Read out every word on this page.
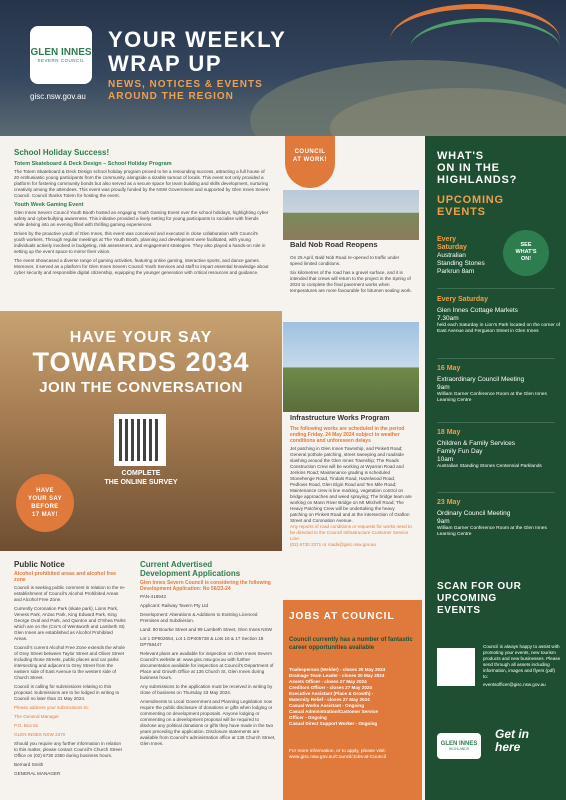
GLEN INNES
SEVERN COUNCIL
gisc.nsw.gov.au
YOUR WEEKLY
WRAP UP
NEWS, NOTICES & EVENTS
AROUND THE REGION
School Holiday Success!
Totem Skateboard & Deck Design – School Holiday Program

The Totem Skateboard & Deck Design school holiday program proved to be a resounding success, attracting a full house of 20 enthusiastic young participants from the community, alongside a sizable turnout of locals. This event not only provided a platform for fostering community bonds but also served as a secure space for team building and skills development, nurturing creativity among the attendees. This event was proudly funded by the NSW Government and supported by Glen Innes Severn Council. Council thanks Totem for hosting the event.

Youth Week Gaming Event

Glen Innes Severn Council Youth Booth hosted an engaging Youth Gaming Event over the school holidays, highlighting cyber safety and cyberbullying awareness. This initiative provided a lively setting for young participants to socialise with friends while delving into an evening filled with thrilling gaming experiences.

Driven by the proactive youth of Glen Innes, this event was conceived and executed in close collaboration with Council's youth workers. Through regular meetings at The Youth Booth, planning and development were facilitated, with young individuals actively involved in budgeting, risk assessment, and engagement strategies. They also played a hands-on role in setting up the event space to mirror their vision.

The event showcased a diverse range of gaming activities, featuring online gaming, interactive sports, and dance games. Moreover, it served as a platform for Glen Innes Severn Council Youth Services and staff to impart essential knowledge about cyber security and responsible digital citizenship, equipping the younger generation with critical resources and guidance.

COUNCIL
AT WORK!
Bald Nob Road Reopens

On 25 April, Bald Nob Road re-opened to traffic under speed limited conditions.

Six kilometres of the road has a gravel surface, and it is intended that crews will return to the project in the Spring of 2024 to complete the final pavement works when temperatures are more favourable for bitumen sealing work.

Infrastructure Works Program
The following works are scheduled in the period ending Friday, 24 May 2024 subject to weather conditions and unforeseen delays

Jet patching in Glen Innes Township, and Pinkett Road; General pothole patching, street sweeping and roadside slashing around the Glen Innes Township; The Roads Construction Crew will be working at Wyarran Road and Jenkins Road; Maintenance grading is scheduled Stonehenge Road, Tindals Road, Hazelwood Road, Pedlows Road, Glen Elgin Road and Ten Mile Road; Maintenance crew is line marking, vegetation control on bridge approaches and weed spraying; The bridge team are working on Mann River Bridge on Mt Mitchell Road; The Heavy Patching Crew will be undertaking the heavy patching on Pinkett Road and at the intersection of Grafton Street and Coronation Avenue.

Any reports of road conditions or requests for works need to be directed to the Council Infrastructure Customer Service Line:

(02) 6730 2371 or roads@gisc.nsw.gov.au

HAVE YOUR SAY
TOWARDS 2034
JOIN THE CONVERSATION
COMPLETE
THE ONLINE SURVEY
HAVE
YOUR SAY
BEFORE
17 MAY!
Public Notice
Alcohol prohibited areas and alcohol free zone

Council is seeking public comment in relation to the re-establishment of Council's Alcohol Prohibited Areas and Alcohol Free Zone.

Currently Coronation Park (skate park), Lions Park, Veness Park, Anzac Park, King Edward Park, King George Oval and Park, and Quinton and O'Shea Parks which are on the (Cnr's of Wentworth and Lambeth St) Glen Innes are established as Alcohol Prohibited Areas.

Council's current Alcohol Free Zone extends the whole of Grey Street between Taylor Street and Oliver Street including those Streets, public places and car parks intersecting and adjacent to Grey Street from the eastern side of East Avenue to the western side of Church Street.

Council is calling for submissions relating to this proposal. Submissions are to be lodged in writing to Council no later than 31 May 2024.

Please address your submissions to:

The General Manager

P.O. Box 61

GLEN INNES NSW 2370

Should you require any further information in relation to this matter, please contact Council's Church Street Office on (02) 6730 2350 during business hours.

Bernard Smith

GENERAL MANAGER

Current Advertised
Development Applications
Glen Innes Severn Council is considering the following Development Application: No 56/23-24

PAN-418943

Applicant: Railway Tavern Pty Ltd

Development: Alterations & Additions to Existing Licenced Premises and Subdivision.

Land: 80 Bourke Street and 99 Lambeth Street, Glen Innes NSW

Lot 1 DP802654, Lot 1 DP405738 & Lots 16 & 17 Section 18 DP758447

Relevant plans are available for inspection on Glen Innes Severn Council's website at: www.gisc.nsw.gov.au with further documentation available for inspection at Council's Department of Place and Growth Office at 136 Church St, Glen Innes during business hours.

Any submissions to the application must be received in writing by close of business on Thursday 23 May 2024.

Amendments to Local Government and Planning Legislation now require the public disclosure of donations or gifts when lodging or commenting on development proposals. Anyone lodging or commenting on a development proposal will be required to disclose any political donations or gifts they have made in the two years preceding the application. Disclosure statements are available from Council's administration office at 136 Church Street, Glen Innes.

JOBS AT COUNCIL
Council currently has a number of fantastic career opportunities available
Tradesperson (Welder) - closes 20 May 2024
Drainage Team Leader - closes 20 May 2024
Assets Officer - closes 27 May 2024
Creditors Officer - closes 27 May 2024
Executive Assistant (Place & Growth) -
Maternity Relief - closes 27 May 2024
Casual Works Assistant - Ongoing
Casual Administration/Customer Service
Officer - Ongoing
Casual Direct Support Worker - Ongoing
For more information, or to apply, please visit: www.gisc.nsw.gov.au/Council/Jobs-at-Council
WHAT'S
ON IN THE
HIGHLANDS?
UPCOMING
EVENTS
Every
Saturday
Australian
Standing Stones
Parkrun 8am
Every Saturday
Glen Innes Cottage Markets
7.30am
held each Saturday in Lion's Park located on the corner of East Avenue and Ferguson Street in Glen Innes
16 May
Extraordinary Council Meeting
9am
William Garner Conference Room at the Glen Innes Learning Centre
18 May
Children & Family Services
Family Fun Day
10am
Australian Standing Stones Centennial Parklands
23 May
Ordinary Council Meeting
9am
William Garner Conference Room at the Glen Innes Learning Centre
SCAN FOR OUR
UPCOMING
EVENTS
Council is always happy to assist with promoting your events, new tourism products and new businesses. Please send through all assets including information, images and flyers (pdf) to:
eventsofficer@gisc.nsw.gov.au
GLEN INNES
HIGHLANDS
Get in
here
SEE
WHAT'S
ON!
